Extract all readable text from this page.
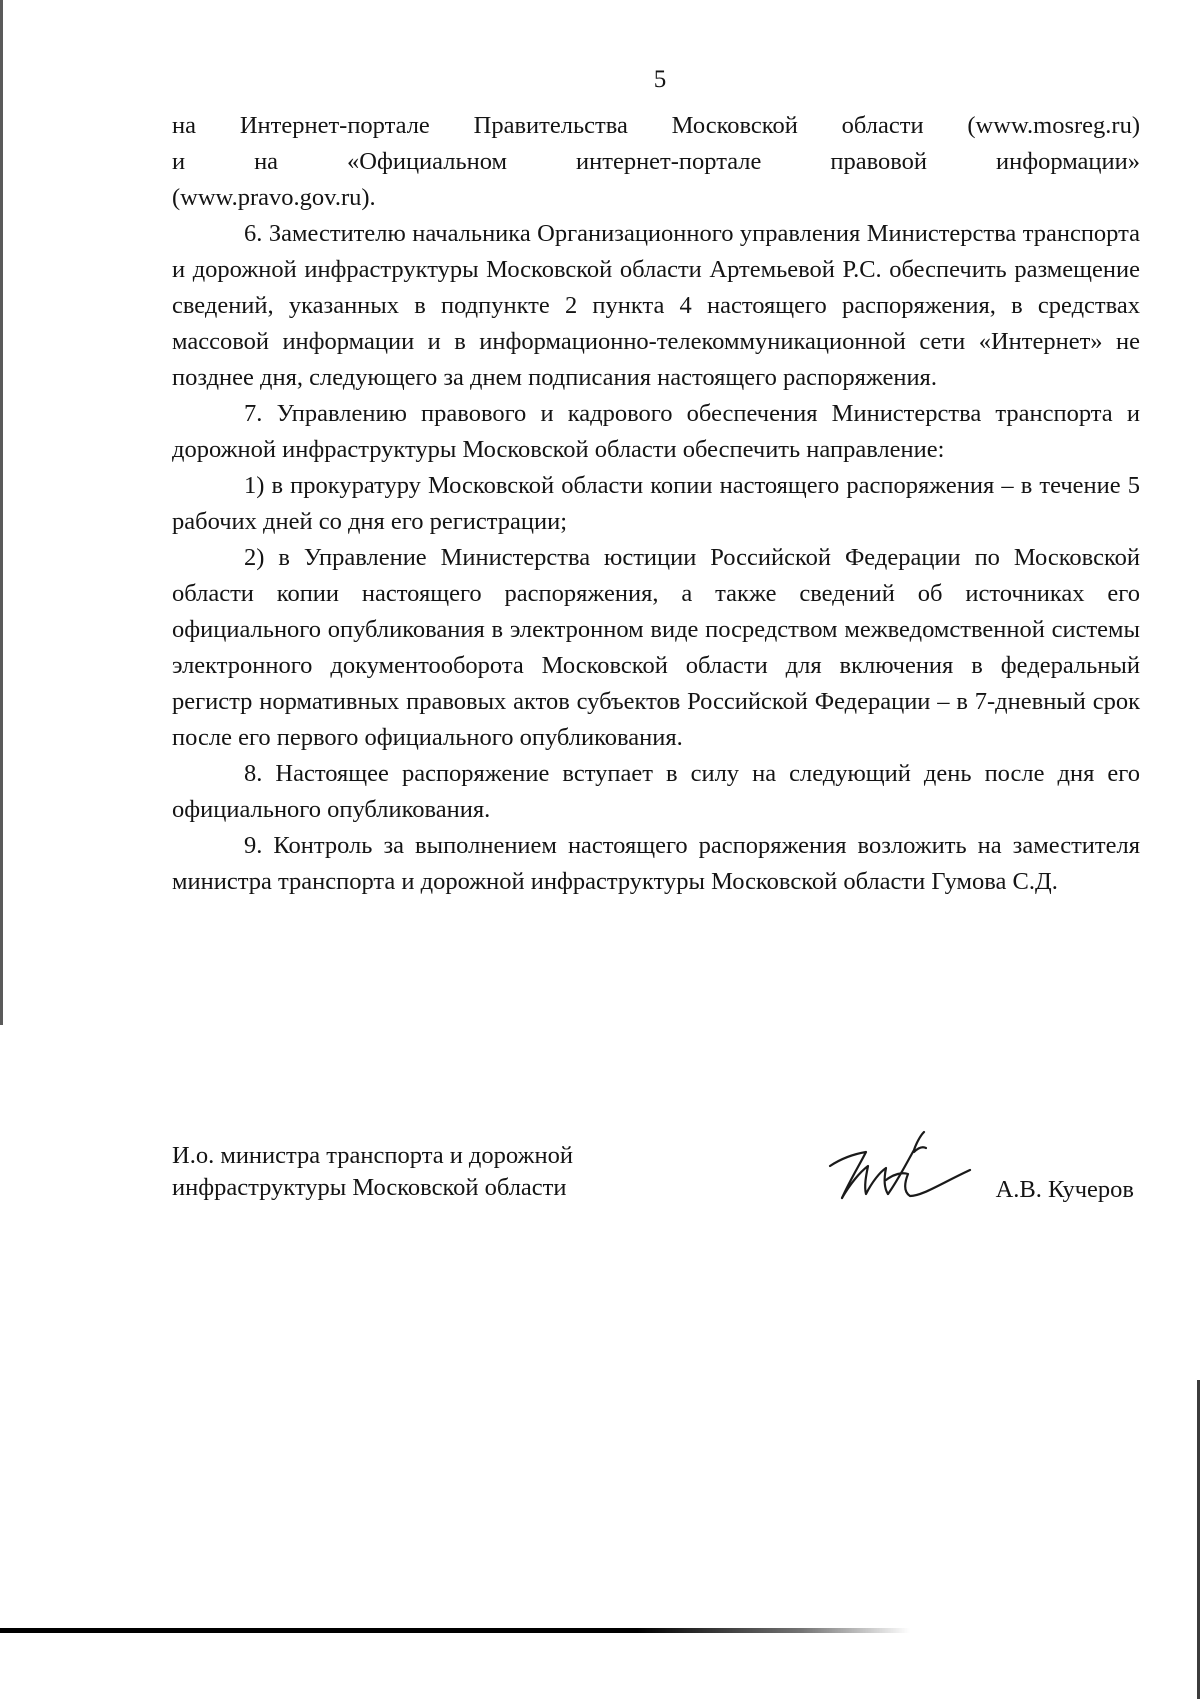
5

на Интернет-портале Правительства Московской области (www.mosreg.ru)

и на «Официальном интернет-портале правовой информации»

(www.pravo.gov.ru).

6. Заместителю начальника Организационного управления Министерства транспорта и дорожной инфраструктуры Московской области Артемьевой Р.С. обеспечить размещение сведений, указанных в подпункте 2 пункта 4 настоящего распоряжения, в средствах массовой информации и в информационно-телекоммуникационной сети «Интернет» не позднее дня, следующего за днем подписания настоящего распоряжения.

7. Управлению правового и кадрового обеспечения Министерства транспорта и дорожной инфраструктуры Московской области обеспечить направление:

1) в прокуратуру Московской области копии настоящего распоряжения – в течение 5 рабочих дней со дня его регистрации;

2) в Управление Министерства юстиции Российской Федерации по Московской области копии настоящего распоряжения, а также сведений об источниках его официального опубликования в электронном виде посредством межведомственной системы электронного документооборота Московской области для включения в федеральный регистр нормативных правовых актов субъектов Российской Федерации – в 7-дневный срок после его первого официального опубликования.

8. Настоящее распоряжение вступает в силу на следующий день после дня его официального опубликования.

9. Контроль за выполнением настоящего распоряжения возложить на заместителя министра транспорта и дорожной инфраструктуры Московской области Гумова С.Д.

И.о. министра транспорта и дорожной
инфраструктуры Московской области	А.В. Кучеров
